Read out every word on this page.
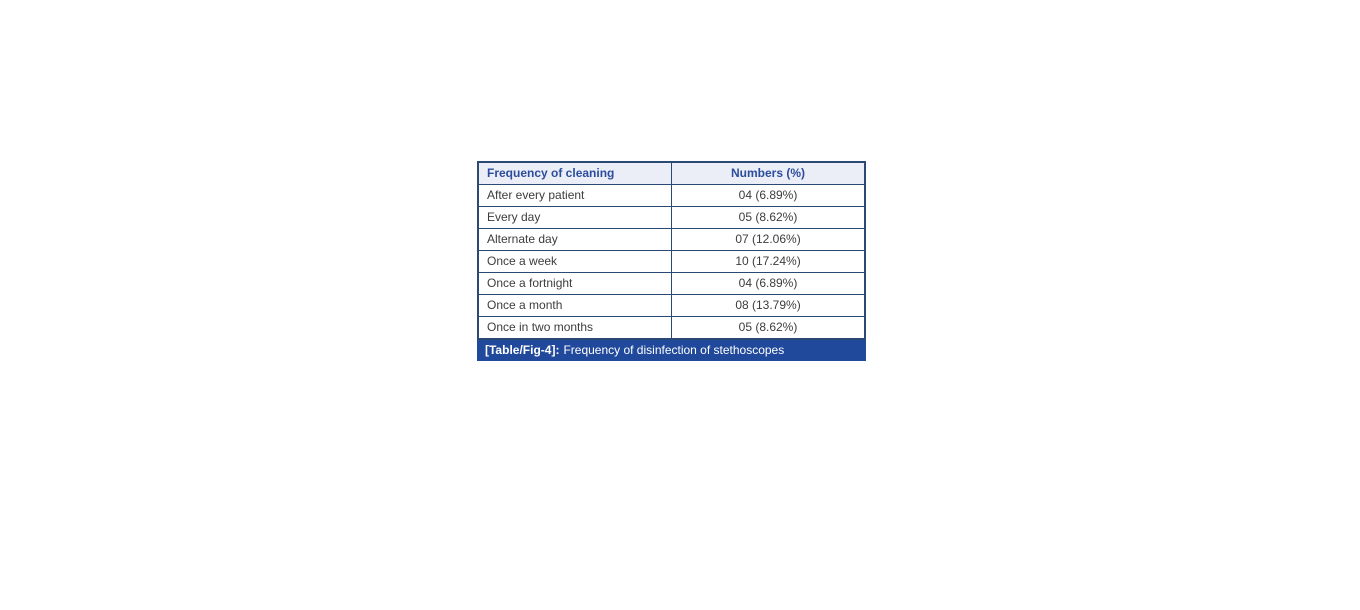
Frequency of cleaning	Numbers (%)
After every patient	04 (6.89%)
Every day	05 (8.62%)
Alternate day	07 (12.06%)
Once a week	10 (17.24%)
Once a fortnight	04 (6.89%)
Once a month	08 (13.79%)
Once in two months	05 (8.62%)
[Table/Fig-4]: Frequency of disinfection of stethoscopes
